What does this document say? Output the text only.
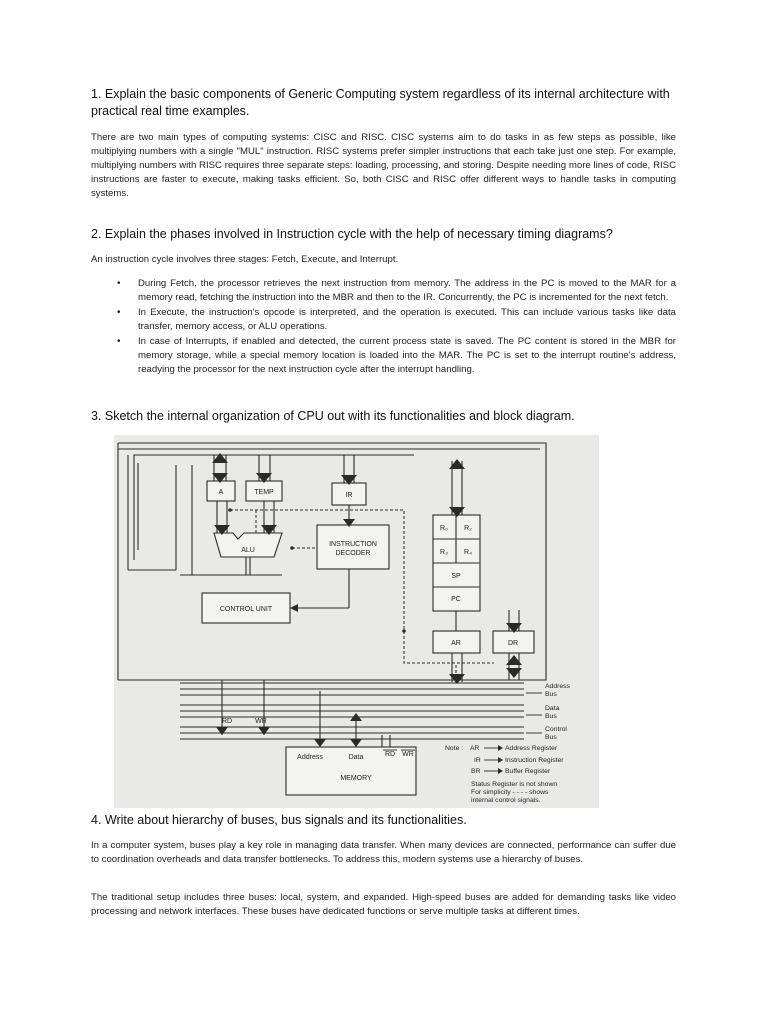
1. Explain the basic components of Generic Computing system regardless of its internal architecture with practical real time examples.

There are two main types of computing systems: CISC and RISC. CISC systems aim to do tasks in as few steps as possible, like multiplying numbers with a single "MUL" instruction. RISC systems prefer simpler instructions that each take just one step. For example, multiplying numbers with RISC requires three separate steps: loading, processing, and storing. Despite needing more lines of code, RISC instructions are faster to execute, making tasks efficient. So, both CISC and RISC offer different ways to handle tasks in computing systems.

2. Explain the phases involved in Instruction cycle with the help of necessary timing diagrams?

An instruction cycle involves three stages: Fetch, Execute, and Interrupt.

• During Fetch, the processor retrieves the next instruction from memory. The address in the PC is moved to the MAR for a memory read, fetching the instruction into the MBR and then to the IR. Concurrently, the PC is incremented for the next fetch.
• In Execute, the instruction's opcode is interpreted, and the operation is executed. This can include various tasks like data transfer, memory access, or ALU operations.
• In case of Interrupts, if enabled and detected, the current process state is saved. The PC content is stored in the MBR for memory storage, while a special memory location is loaded into the MAR. The PC is set to the interrupt routine's address, readying the processor for the next instruction cycle after the interrupt handling.
3. Sketch the internal organization of CPU out with its functionalities and block diagram.
4. Write about hierarchy of buses, bus signals and its functionalities.

In a computer system, buses play a key role in managing data transfer. When many devices are connected, performance can suffer due to coordination overheads and data transfer bottlenecks. To address this, modern systems use a hierarchy of buses.

The traditional setup includes three buses: local, system, and expanded. High-speed buses are added for demanding tasks like video processing and network interfaces. These buses have dedicated functions or serve multiple tasks at different times.

A	TEMP	IR
ALU
INSTRUCTION
DECODER
CONTROL UNIT
R₀ R₂
R₃ R₄
SP
PC
AR	DR
Address	Data	RD WR
MEMORY
RD	WR
Address
Bus
Data
Bus
Control
Bus
Note : AR	Address Register
IR	Instruction Register
BR	Buffer Register
Status Register is not shown
For simplicity - - - - shows
internal control signals.
